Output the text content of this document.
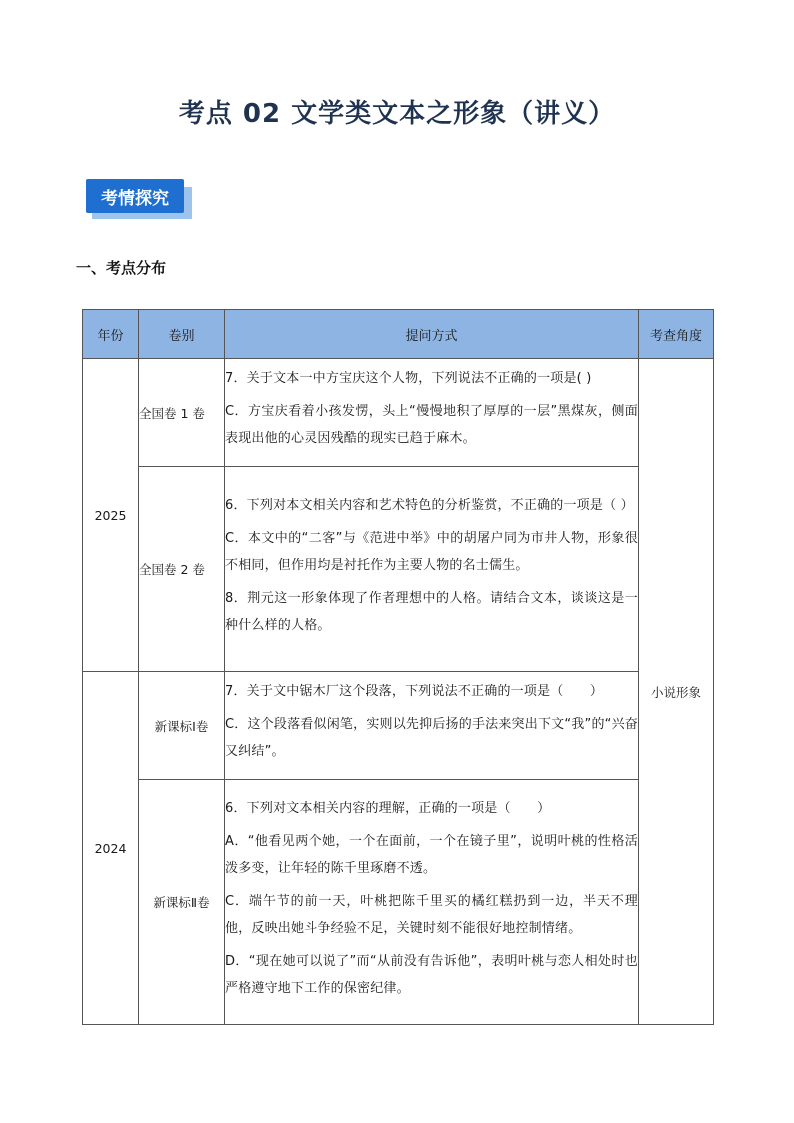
考点 02 文学类文本之形象（讲义）
考情探究
一、考点分布
年份	卷别	提问方式	考查角度
2025	全国卷 1 卷	7．关于文本一中方宝庆这个人物，下列说法不正确的一项是( )

C．方宝庆看着小孩发愣，头上“慢慢地积了厚厚的一层”黑煤灰，侧面表现出他的心灵因残酷的现实已趋于麻木。	小说形象
	全国卷 2 卷	6．下列对本文相关内容和艺术特色的分析鉴赏，不正确的一项是（ ）

C．本文中的“二客”与《范进中举》中的胡屠户同为市井人物，形象很不相同，但作用均是衬托作为主要人物的名士儒生。

8．荆元这一形象体现了作者理想中的人格。请结合文本，谈谈这是一种什么样的人格。	

2024	新课标Ⅰ卷	7．关于文中锯木厂这个段落，下列说法不正确的一项是（　　）

C．这个段落看似闲笔，实则以先抑后扬的手法来突出下文“我”的“兴奋又纠结”。	

	新课标Ⅱ卷	6．下列对文本相关内容的理解，正确的一项是（　　）

A．“他看见两个她，一个在面前，一个在镜子里”，说明叶桃的性格活泼多变，让年轻的陈千里琢磨不透。

C．端午节的前一天，叶桃把陈千里买的橘红糕扔到一边，半天不理他，反映出她斗争经验不足，关键时刻不能很好地控制情绪。

D．“现在她可以说了”而“从前没有告诉他”，表明叶桃与恋人相处时也严格遵守地下工作的保密纪律。	
